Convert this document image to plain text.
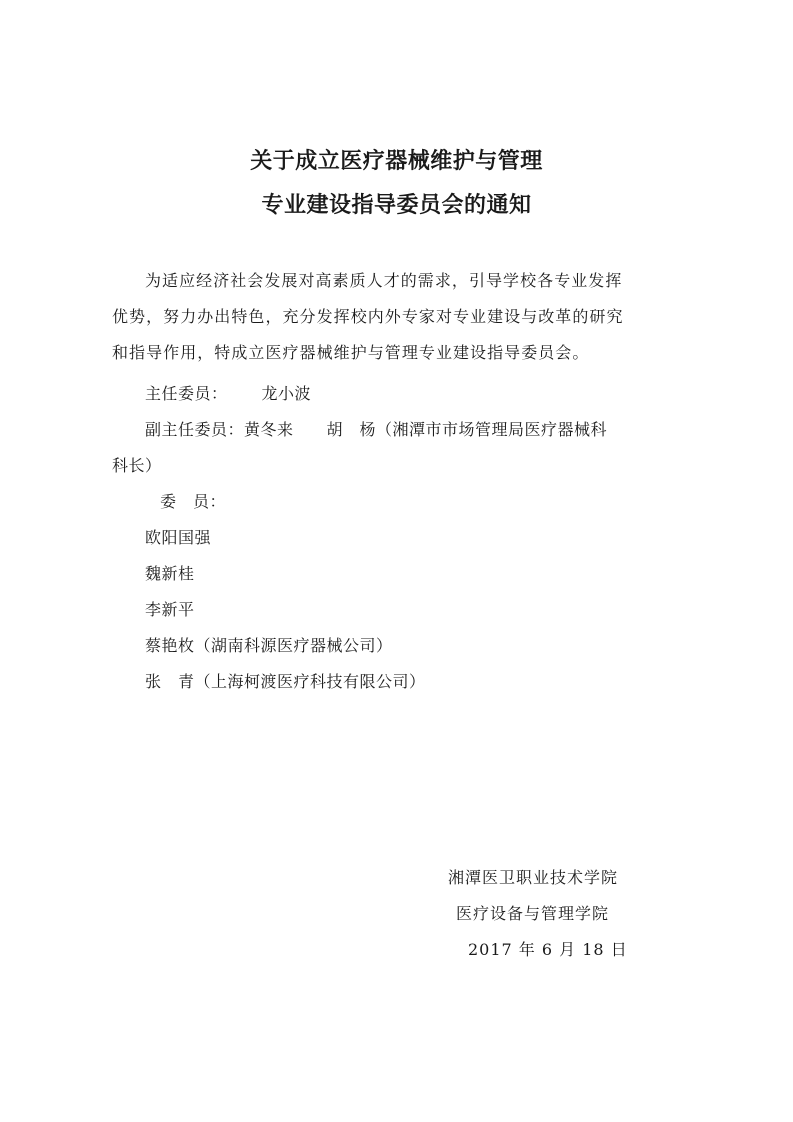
关于成立医疗器械维护与管理
专业建设指导委员会的通知
为适应经济社会发展对高素质人才的需求，引导学校各专业发挥
优势，努力办出特色，充分发挥校内外专家对专业建设与改革的研究
和指导作用，特成立医疗器械维护与管理专业建设指导委员会。
主任委员： 龙小波
副主任委员：黄冬来　　胡　杨（湘潭市市场管理局医疗器械科
科长）
委　员：
欧阳国强
魏新桂
李新平
蔡艳枚（湖南科源医疗器械公司）
张　青（上海柯渡医疗科技有限公司）
湘潭医卫职业技术学院
医疗设备与管理学院
2017 年 6 月 18 日
